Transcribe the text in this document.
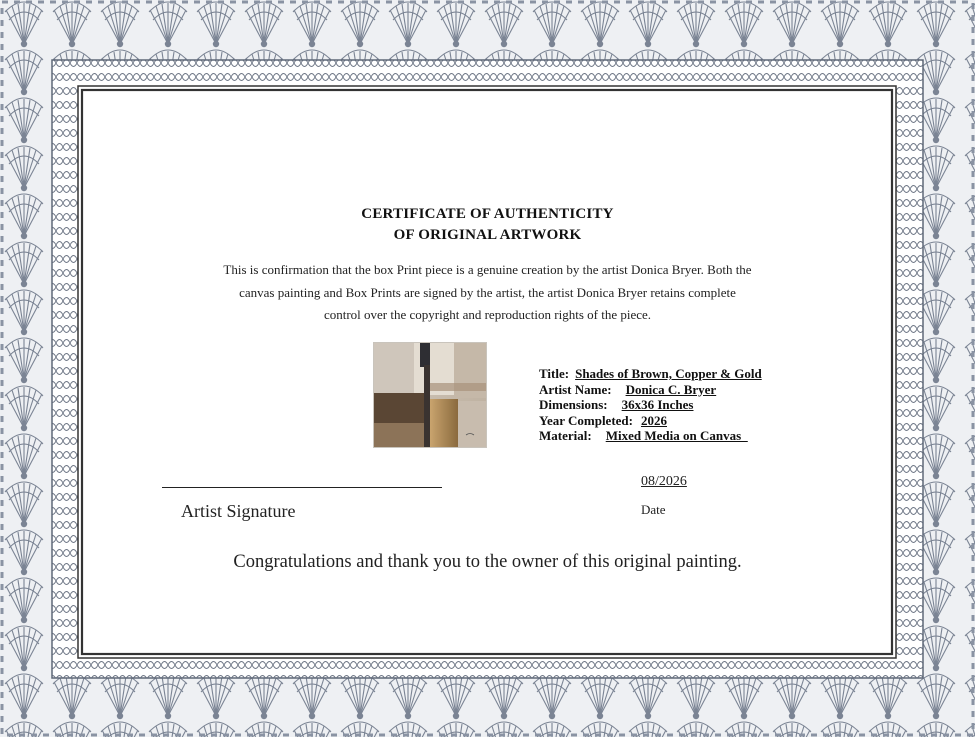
CERTIFICATE OF AUTHENTICITY
OF ORIGINAL ARTWORK
This is confirmation that the box Print piece is a genuine creation by the artist Donica Bryer. Both the
canvas painting and Box Prints are signed by the artist, the artist Donica Bryer retains complete
control over the copyright and reproduction rights of the piece.
Title: Shades of Brown, Copper & Gold
Artist Name: Donica C. Bryer
Dimensions: 36x36 Inches
Year Completed: 2026
Material: Mixed Media on Canvas_
Artist Signature
08/2026
Date
Congratulations and thank you to the owner of this original painting.
